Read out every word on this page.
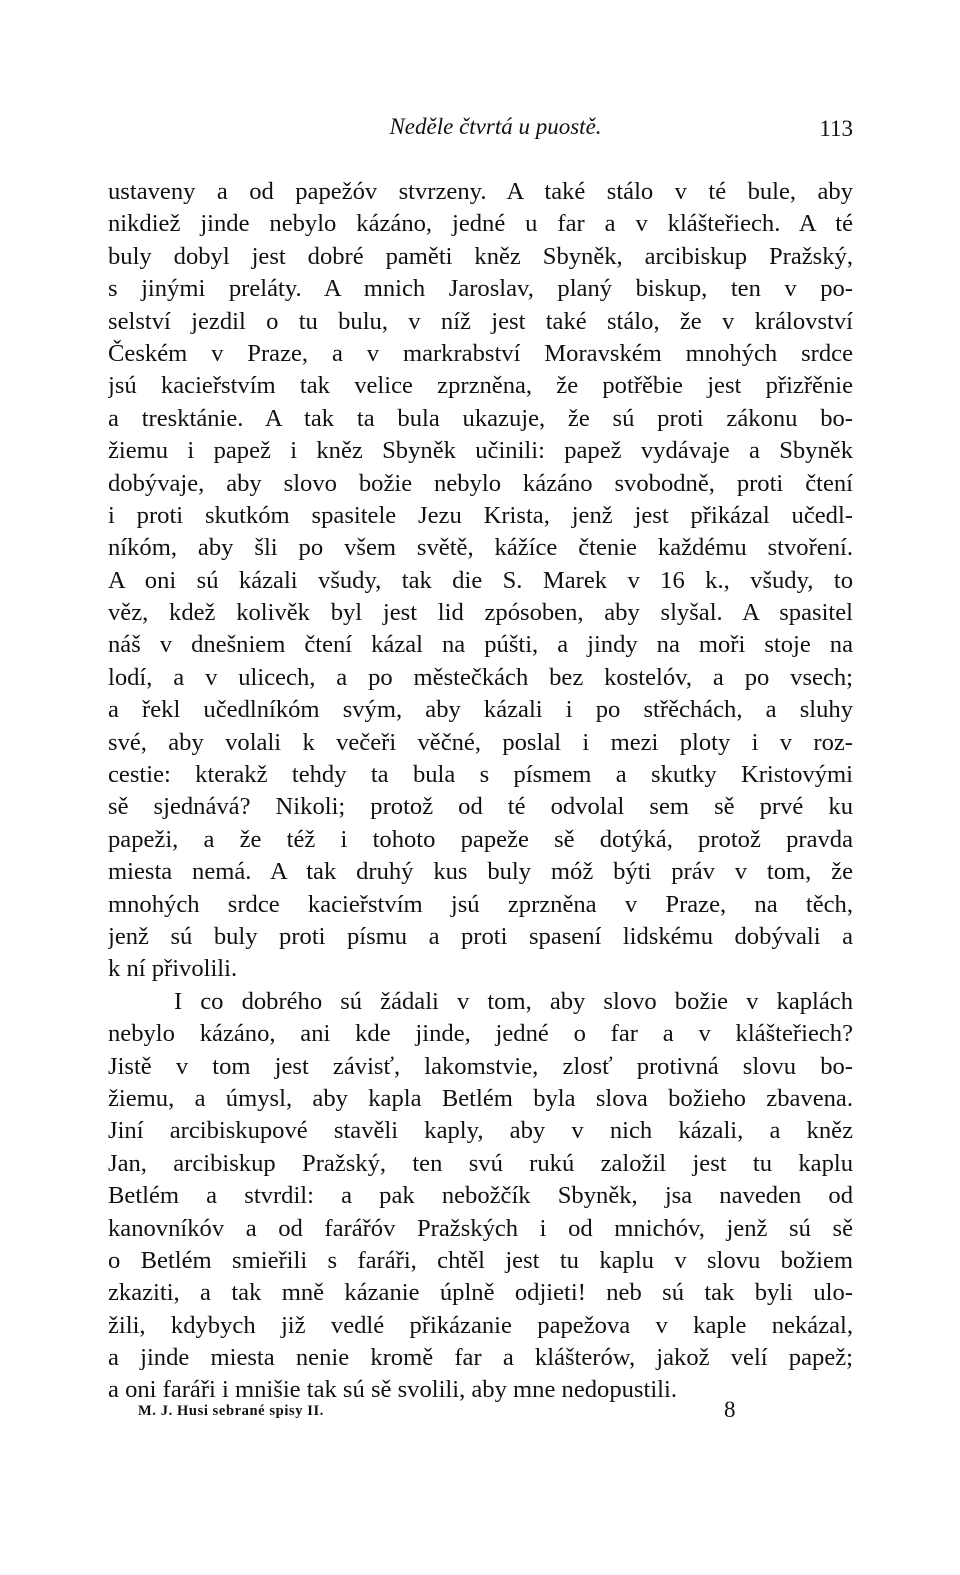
Neděle čtvrtá u puostě.	113
ustaveny a od papežóv stvrzeny. A také stálo v té bule, aby
nikdiež jinde nebylo kázáno, jedné u far a v klášteřiech. A té
buly dobyl jest dobré paměti kněz Sbyněk, arcibiskup Pražský,
s jinými preláty. A mnich Jaroslav, planý biskup, ten v po-
selství jezdil o tu bulu, v níž jest také stálo, že v království
Českém v Praze, a v markrabství Moravském mnohých srdce
jsú kacieřstvím tak velice zprzněna, že potřěbie jest přizřěnie
a tresktánie. A tak ta bula ukazuje, že sú proti zákonu bo-
žiemu i papež i kněz Sbyněk učinili: papež vydávaje a Sbyněk
dobývaje, aby slovo božie nebylo kázáno svobodně, proti čtení
i proti skutkóm spasitele Jezu Krista, jenž jest přikázal učedl-
níkóm, aby šli po všem světě, kážíce čtenie každému stvoření.
A oni sú kázali všudy, tak die S. Marek v 16 k., všudy, to
věz, kdež kolivěk byl jest lid zpósoben, aby slyšal. A spasitel
náš v dnešniem čtení kázal na púšti, a jindy na moři stoje na
lodí, a v ulicech, a po městečkách bez kostelóv, a po vsech;
a řekl učedlníkóm svým, aby kázali i po střěchách, a sluhy
své, aby volali k večeři věčné, poslal i mezi ploty i v roz-
cestie: kterakž tehdy ta bula s písmem a skutky Kristovými
sě sjednává? Nikoli; protož od té odvolal sem sě prvé ku
papeži, a že též i tohoto papeže sě dotýká, protož pravda
miesta nemá. A tak druhý kus buly móž býti práv v tom, že
mnohých srdce kacieřstvím jsú zprzněna v Praze, na těch,
jenž sú buly proti písmu a proti spasení lidskému dobývali a
k ní přivolili.
I co dobrého sú žádali v tom, aby slovo božie v kaplách
nebylo kázáno, ani kde jinde, jedné o far a v klášteřiech?
Jistě v tom jest závisť, lakomstvie, zlosť protivná slovu bo-
žiemu, a úmysl, aby kapla Betlém byla slova božieho zbavena.
Jiní arcibiskupové stavěli kaply, aby v nich kázali, a kněz
Jan, arcibiskup Pražský, ten svú rukú založil jest tu kaplu
Betlém a stvrdil: a pak nebožčík Sbyněk, jsa naveden od
kanovníkóv a od farářóv Pražských i od mnichóv, jenž sú sě
o Betlém smieřili s faráři, chtěl jest tu kaplu v slovu božiem
zkaziti, a tak mně kázanie úplně odjieti! neb sú tak byli ulo-
žili, kdybych již vedlé přikázanie papežova v kaple nekázal,
a jinde miesta nenie kromě far a klášterów, jakož velí papež;
a oni faráři i mnišie tak sú sě svolili, aby mne nedopustili.
M. J. Husi sebrané spisy II.	8
